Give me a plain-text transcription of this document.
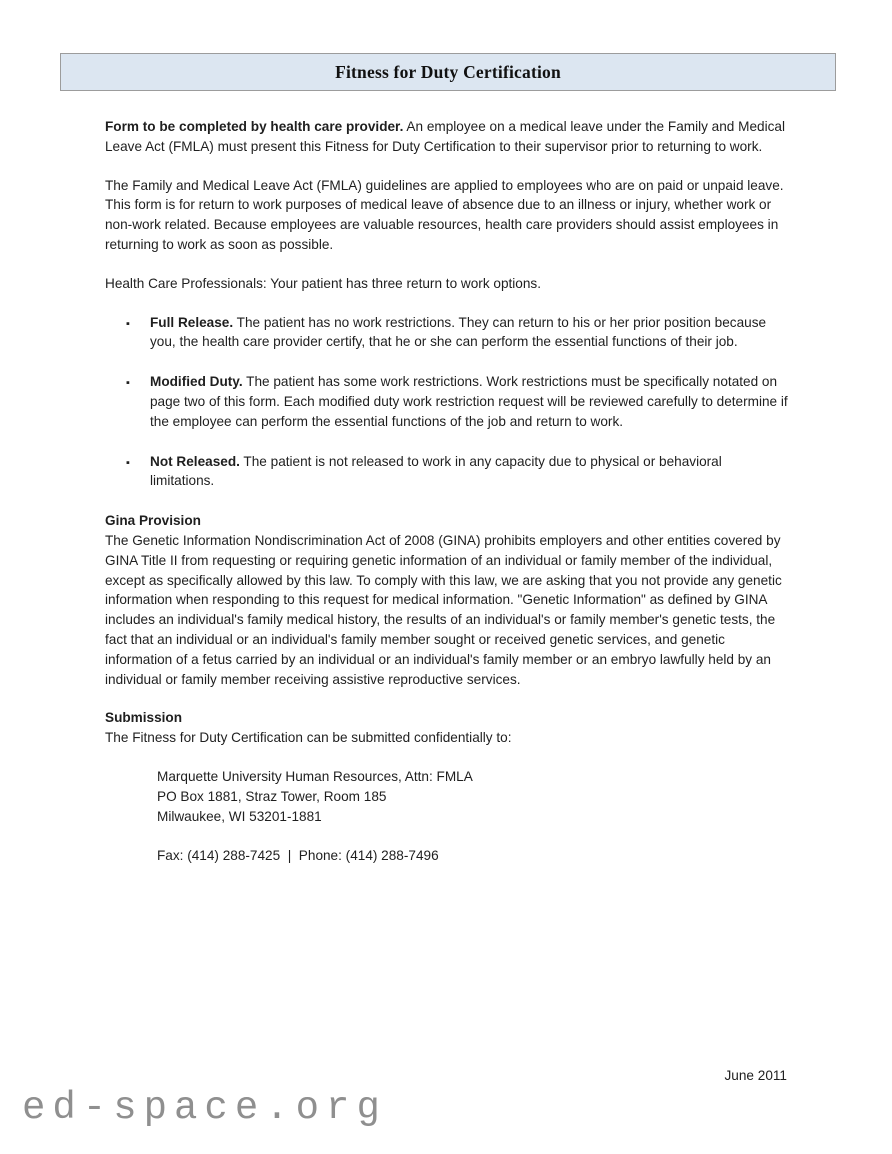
Fitness for Duty Certification

Form to be completed by health care provider. An employee on a medical leave under the Family and Medical Leave Act (FMLA) must present this Fitness for Duty Certification to their supervisor prior to returning to work.

The Family and Medical Leave Act (FMLA) guidelines are applied to employees who are on paid or unpaid leave. This form is for return to work purposes of medical leave of absence due to an illness or injury, whether work or non-work related. Because employees are valuable resources, health care providers should assist employees in returning to work as soon as possible.

Health Care Professionals: Your patient has three return to work options.

▪ Full Release. The patient has no work restrictions. They can return to his or her prior position because you, the health care provider certify, that he or she can perform the essential functions of their job.
▪ Modified Duty. The patient has some work restrictions. Work restrictions must be specifically notated on page two of this form. Each modified duty work restriction request will be reviewed carefully to determine if the employee can perform the essential functions of the job and return to work.
▪ Not Released. The patient is not released to work in any capacity due to physical or behavioral limitations.

Gina Provision

The Genetic Information Nondiscrimination Act of 2008 (GINA) prohibits employers and other entities covered by GINA Title II from requesting or requiring genetic information of an individual or family member of the individual, except as specifically allowed by this law. To comply with this law, we are asking that you not provide any genetic information when responding to this request for medical information. "Genetic Information" as defined by GINA includes an individual's family medical history, the results of an individual's or family member's genetic tests, the fact that an individual or an individual's family member sought or received genetic services, and genetic information of a fetus carried by an individual or an individual's family member or an embryo lawfully held by an individual or family member receiving assistive reproductive services.

Submission

The Fitness for Duty Certification can be submitted confidentially to:

Marquette University Human Resources, Attn: FMLA
PO Box 1881, Straz Tower, Room 185
Milwaukee, WI 53201-1881
Fax: (414) 288-7425  |  Phone: (414) 288-7496
June 2011
ed-space.org
